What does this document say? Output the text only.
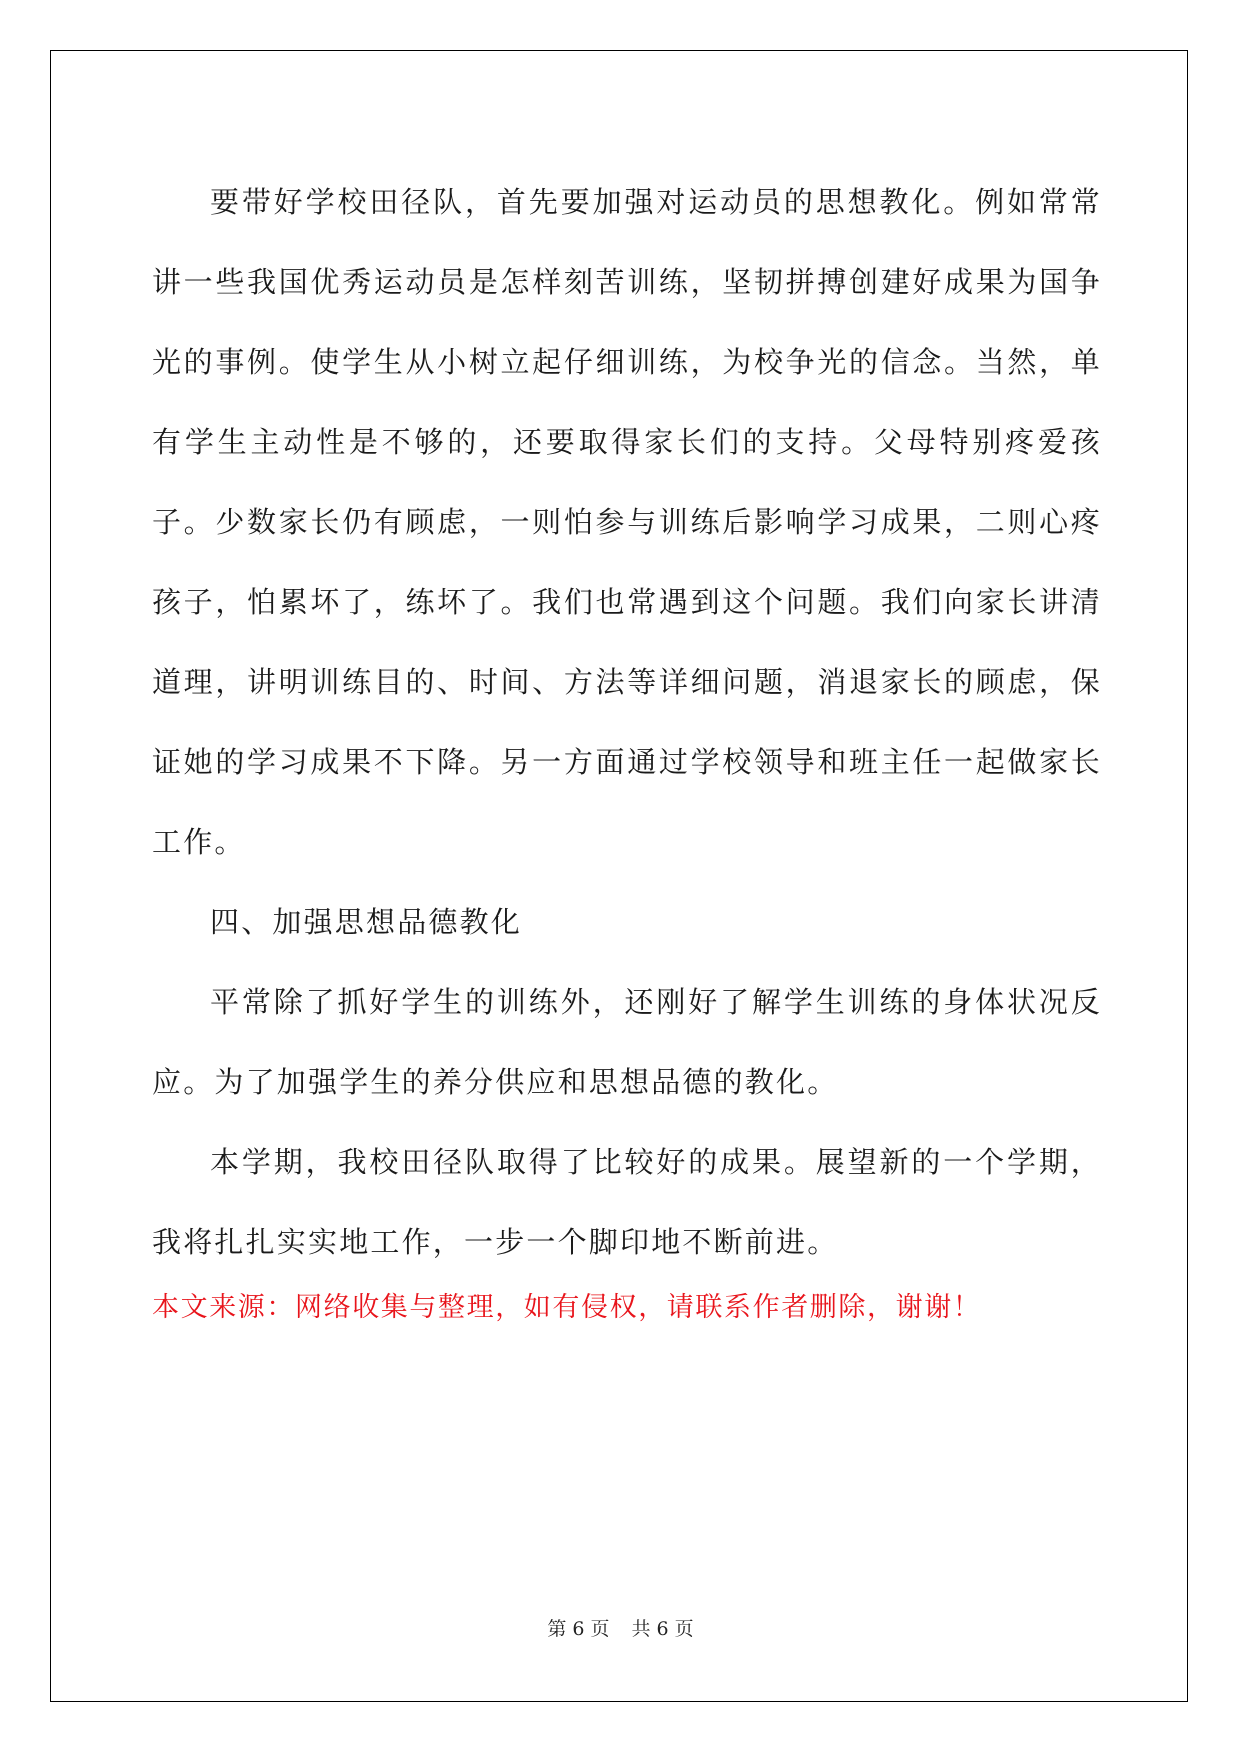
要带好学校田径队，首先要加强对运动员的思想教化。例如常常讲一些我国优秀运动员是怎样刻苦训练，坚韧拼搏创建好成果为国争光的事例。使学生从小树立起仔细训练，为校争光的信念。当然，单有学生主动性是不够的，还要取得家长们的支持。父母特别疼爱孩子。少数家长仍有顾虑，一则怕参与训练后影响学习成果，二则心疼孩子，怕累坏了，练坏了。我们也常遇到这个问题。我们向家长讲清道理，讲明训练目的、时间、方法等详细问题，消退家长的顾虑，保证她的学习成果不下降。另一方面通过学校领导和班主任一起做家长工作。

四、加强思想品德教化

平常除了抓好学生的训练外，还刚好了解学生训练的身体状况反应。为了加强学生的养分供应和思想品德的教化。

本学期，我校田径队取得了比较好的成果。展望新的一个学期，我将扎扎实实地工作，一步一个脚印地不断前进。

本文来源：网络收集与整理，如有侵权，请联系作者删除，谢谢！

第 6 页 共 6 页
